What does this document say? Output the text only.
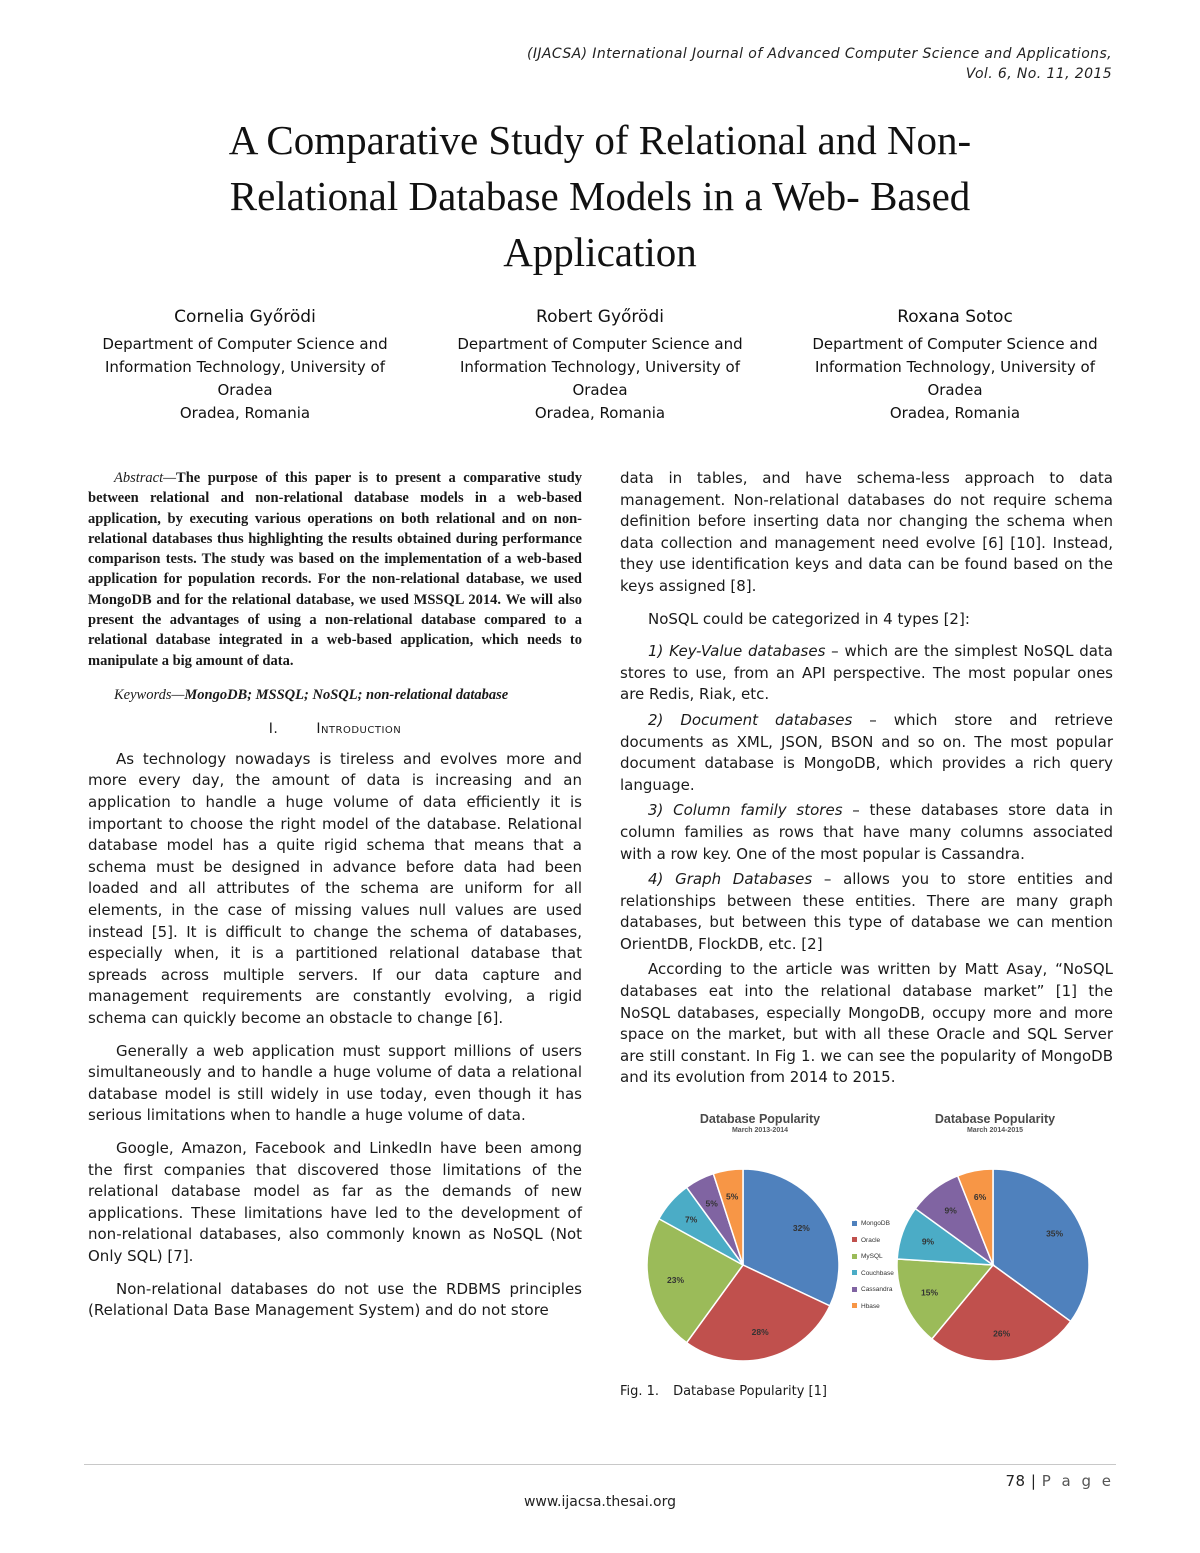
(IJACSA) International Journal of Advanced Computer Science and Applications,
Vol. 6, No. 11, 2015
A Comparative Study of Relational and Non-
Relational Database Models in a Web- Based
Application
Cornelia Győrödi
Department of Computer Science and
Information Technology, University of
Oradea
Oradea, Romania
Robert Győrödi
Department of Computer Science and
Information Technology, University of
Oradea
Oradea, Romania
Roxana Sotoc
Department of Computer Science and
Information Technology, University of
Oradea
Oradea, Romania

Abstract—The purpose of this paper is to present a comparative study between relational and non-relational database models in a web-based application, by executing various operations on both relational and on non-relational databases thus highlighting the results obtained during performance comparison tests. The study was based on the implementation of a web-based application for population records. For the non-relational database, we used MongoDB and for the relational database, we used MSSQL 2014. We will also present the advantages of using a non-relational database compared to a relational database integrated in a web-based application, which needs to manipulate a big amount of data.

Keywords—MongoDB; MSSQL; NoSQL; non-relational database

I.	Introduction

As technology nowadays is tireless and evolves more and more every day, the amount of data is increasing and an application to handle a huge volume of data efficiently it is important to choose the right model of the database. Relational database model has a quite rigid schema that means that a schema must be designed in advance before data had been loaded and all attributes of the schema are uniform for all elements, in the case of missing values null values are used instead [5]. It is difficult to change the schema of databases, especially when, it is a partitioned relational database that spreads across multiple servers. If our data capture and management requirements are constantly evolving, a rigid schema can quickly become an obstacle to change [6].

Generally a web application must support millions of users simultaneously and to handle a huge volume of data a relational database model is still widely in use today, even though it has serious limitations when to handle a huge volume of data.

Google, Amazon, Facebook and LinkedIn have been among the first companies that discovered those limitations of the relational database model as far as the demands of new applications. These limitations have led to the development of non-relational databases, also commonly known as NoSQL (Not Only SQL) [7].

Non-relational databases do not use the RDBMS principles (Relational Data Base Management System) and do not store

data in tables, and have schema-less approach to data management. Non-relational databases do not require schema definition before inserting data nor changing the schema when data collection and management need evolve [6] [10]. Instead, they use identification keys and data can be found based on the keys assigned [8].

NoSQL could be categorized in 4 types [2]:

1) Key-Value databases – which are the simplest NoSQL data stores to use, from an API perspective. The most popular ones are Redis, Riak, etc.

2) Document databases – which store and retrieve documents as XML, JSON, BSON and so on. The most popular document database is MongoDB, which provides a rich query language.

3) Column family stores – these databases store data in column families as rows that have many columns associated with a row key. One of the most popular is Cassandra.

4) Graph Databases – allows you to store entities and relationships between these entities. There are many graph databases, but between this type of database we can mention OrientDB, FlockDB, etc. [2]

According to the article was written by Matt Asay, “NoSQL databases eat into the relational database market” [1] the NoSQL databases, especially MongoDB, occupy more and more space on the market, but with all these Oracle and SQL Server are still constant. In Fig 1. we can see the popularity of MongoDB and its evolution from 2014 to 2015.

Database Popularity
March 2013-2014
Database Popularity
March 2014-2015
32%
28%
23%
7%
5%
5%
35%
26%
15%
9%
9%
6%
MongoDB
Oracle
MySQL
Couchbase
Cassandra
Hbase
Fig. 1. Database Popularity [1]
78 | P a g e
www.ijacsa.thesai.org
